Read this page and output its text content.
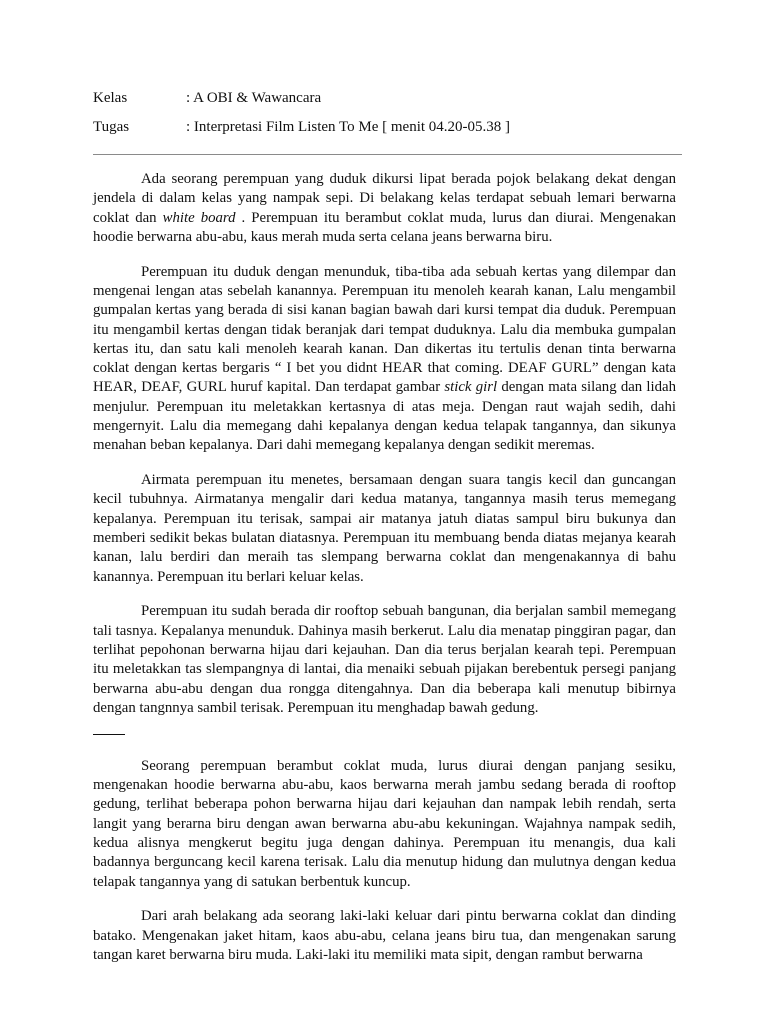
Kelas	: A OBI & Wawancara
Tugas	: Interpretasi Film Listen To Me [ menit 04.20-05.38 ]

Ada seorang perempuan yang duduk dikursi lipat berada pojok belakang dekat dengan jendela di dalam kelas yang nampak sepi. Di belakang kelas terdapat sebuah lemari berwarna coklat dan white board . Perempuan itu berambut coklat muda, lurus dan diurai. Mengenakan hoodie berwarna abu-abu, kaus merah muda serta celana jeans berwarna biru.

Perempuan itu duduk dengan menunduk, tiba-tiba ada sebuah kertas yang dilempar dan mengenai lengan atas sebelah kanannya. Perempuan itu menoleh kearah kanan, Lalu mengambil gumpalan kertas yang berada di sisi kanan bagian bawah dari kursi tempat dia duduk. Perempuan itu mengambil kertas dengan tidak beranjak dari tempat duduknya. Lalu dia membuka gumpalan kertas itu, dan satu kali menoleh kearah kanan. Dan dikertas itu tertulis denan tinta berwarna coklat dengan kertas bergaris “ I bet you didnt HEAR that coming. DEAF GURL” dengan kata HEAR, DEAF, GURL huruf kapital. Dan terdapat gambar stick girl dengan mata silang dan lidah menjulur. Perempuan itu meletakkan kertasnya di atas meja. Dengan raut wajah sedih, dahi mengernyit. Lalu dia memegang dahi kepalanya dengan kedua telapak tangannya, dan sikunya menahan beban kepalanya. Dari dahi memegang kepalanya dengan sedikit meremas.

Airmata perempuan itu menetes, bersamaan dengan suara tangis kecil dan guncangan kecil tubuhnya. Airmatanya mengalir dari kedua matanya, tangannya masih terus memegang kepalanya. Perempuan itu terisak, sampai air matanya jatuh diatas sampul biru bukunya dan memberi sedikit bekas bulatan diatasnya. Perempuan itu membuang benda diatas mejanya kearah kanan, lalu berdiri dan meraih tas slempang berwarna coklat dan mengenakannya di bahu kanannya. Perempuan itu berlari keluar kelas.

Perempuan itu sudah berada dir rooftop sebuah bangunan, dia berjalan sambil memegang tali tasnya. Kepalanya menunduk. Dahinya masih berkerut. Lalu dia menatap pinggiran pagar, dan terlihat pepohonan berwarna hijau dari kejauhan. Dan dia terus berjalan kearah tepi. Perempuan itu meletakkan tas slempangnya di lantai, dia menaiki sebuah pijakan berebentuk persegi panjang berwarna abu-abu dengan dua rongga ditengahnya. Dan dia beberapa kali menutup bibirnya dengan tangnnya sambil terisak. Perempuan itu menghadap bawah gedung.

Seorang perempuan berambut coklat muda, lurus diurai dengan panjang sesiku, mengenakan hoodie berwarna abu-abu, kaos berwarna merah jambu sedang berada di rooftop gedung, terlihat beberapa pohon berwarna hijau dari kejauhan dan nampak lebih rendah, serta langit yang berarna biru dengan awan berwarna abu-abu kekuningan. Wajahnya nampak sedih, kedua alisnya mengkerut begitu juga dengan dahinya. Perempuan itu menangis, dua kali badannya berguncang kecil karena terisak. Lalu dia menutup hidung dan mulutnya dengan kedua telapak tangannya yang di satukan berbentuk kuncup.

Dari arah belakang ada seorang laki-laki keluar dari pintu berwarna coklat dan dinding batako. Mengenakan jaket hitam, kaos abu-abu, celana jeans biru tua, dan mengenakan sarung tangan karet berwarna biru muda. Laki-laki itu memiliki mata sipit, dengan rambut berwarna
